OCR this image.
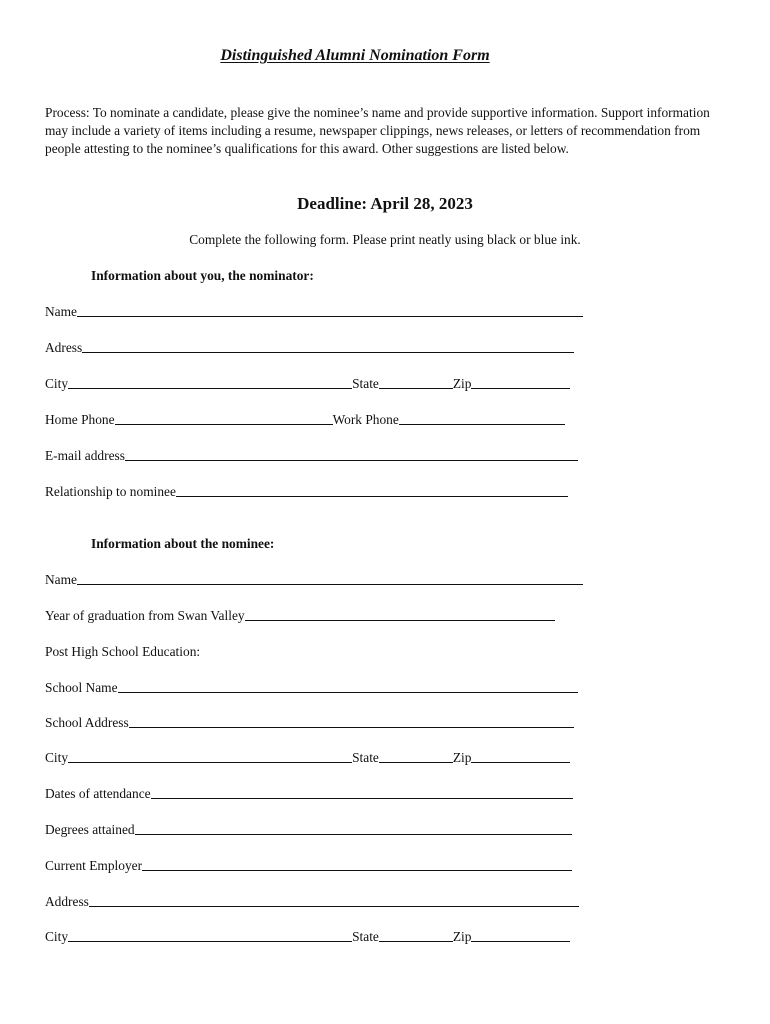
Distinguished Alumni Nomination Form
Process: To nominate a candidate, please give the nominee’s name and provide supportive information. Support information may include a variety of items including a resume, newspaper clippings, news releases, or letters of recommendation from people attesting to the nominee’s qualifications for this award. Other suggestions are listed below.
Deadline: April 28, 2023
Complete the following form. Please print neatly using black or blue ink.
Information about you, the nominator:
Name
Adress
City	State	Zip
Home Phone	Work Phone
E-mail address
Relationship to nominee
Information about the nominee:
Name
Year of graduation from Swan Valley
Post High School Education:
School Name
School Address
City	State	Zip
Dates of attendance
Degrees attained
Current Employer
Address
City	State	Zip
